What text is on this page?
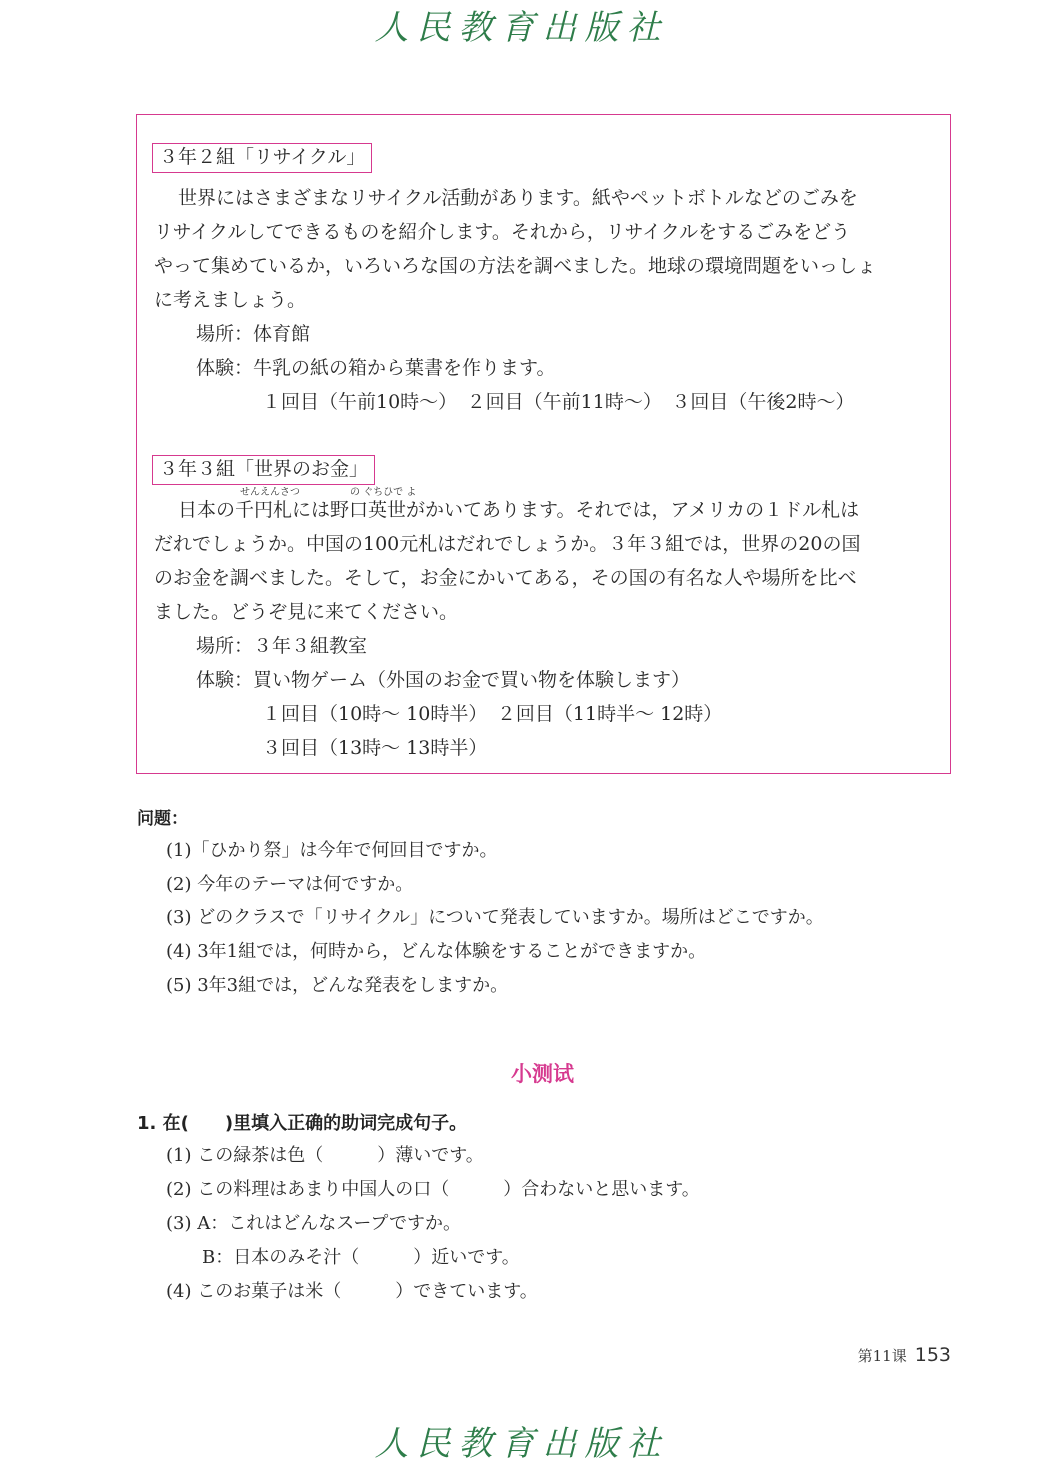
人民教育出版社
３年２組「リサイクル」
世界にはさまざまなリサイクル活動があります。紙やペットボトルなどのごみを
リサイクルしてできるものを紹介します。それから，リサイクルをするごみをどう
やって集めているか，いろいろな国の方法を調べました。地球の環境問題をいっしょ
に考えましょう。
場所：体育館
体験：牛乳の紙の箱から葉書を作ります。
１回目（午前10時～）　２回目（午前11時～）　３回目（午後2時～）
３年３組「世界のお金」
せんえんさつ	の ぐちひで よ
日本の千円札には野口英世がかいてあります。それでは，アメリカの１ドル札は
だれでしょうか。中国の100元札はだれでしょうか。３年３組では，世界の20の国
のお金を調べました。そして，お金にかいてある，その国の有名な人や場所を比べ
ました。どうぞ見に来てください。
場所：３年３組教室
体験：買い物ゲーム（外国のお金で買い物を体験します）
１回目（10時～ 10時半）　２回目（11時半～ 12時）
３回目（13時～ 13時半）
问题：
(1)「ひかり祭」は今年で何回目ですか。
(2) 今年のテーマは何ですか。
(3) どのクラスで「リサイクル」について発表していますか。場所はどこですか。
(4) 3年1組では，何時から，どんな体験をすることができますか。
(5) 3年3組では，どんな発表をしますか。
小测试
1. 在(　　)里填入正确的助词完成句子。
(1) この緑茶は色（　　　）薄いです。
(2) この料理はあまり中国人の口（　　　）合わないと思います。
(3) A：これはどんなスープですか。
　B：日本のみそ汁（　　　）近いです。
(4) このお菓子は米（　　　）できています。
第11课 153
人民教育出版社
